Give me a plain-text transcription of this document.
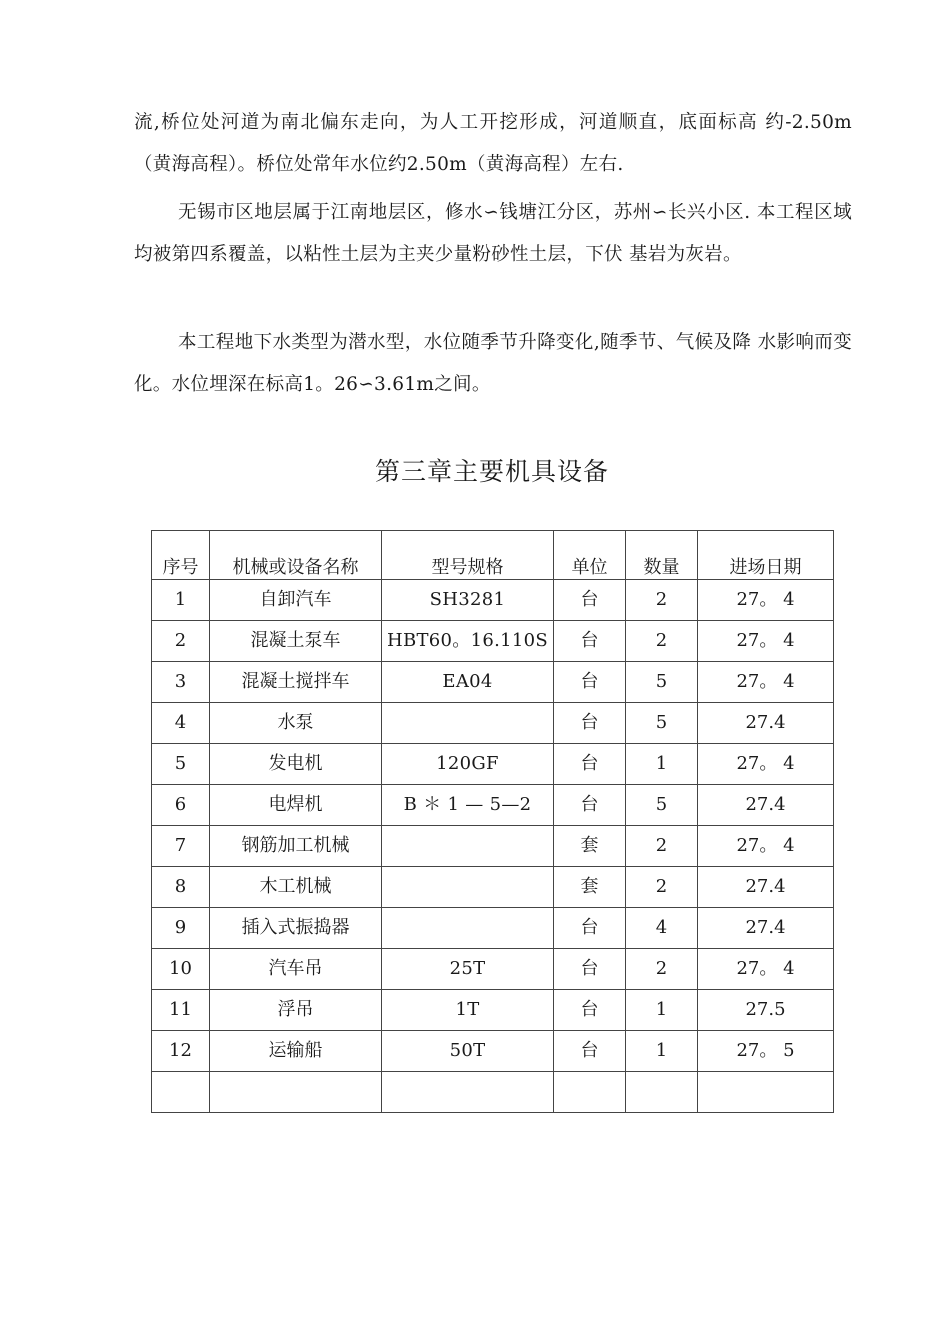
流,桥位处河道为南北偏东走向，为人工开挖形成，河道顺直，底面标高 约-2.50m（黄海高程）。桥位处常年水位约2.50m（黄海高程）左右.

无锡市区地层属于江南地层区，修水∽钱塘江分区，苏州∽长兴小区. 本工程区域均被第四系覆盖，以粘性土层为主夹少量粉砂性土层，下伏 基岩为灰岩。

本工程地下水类型为潜水型，水位随季节升降变化,随季节、气候及降 水影响而变化。水位埋深在标高1。26∽3.61m之间。

第三章主要机具设备
序号	机械或设备名称	型号规格	单位	数量	进场日期
1	自卸汽车	SH3281	台	2	27。 4
2	混凝土泵车	HBT60。16.110S	台	2	27。 4
3	混凝土搅拌车	EA04	台	5	27。 4
4	水泵		台	5	27.4
5	发电机	120GF	台	1	27。 4
6	电焊机	B ＊ 1 — 5—2	台	5	27.4
7	钢筋加工机械		套	2	27。 4
8	木工机械		套	2	27.4
9	插入式振捣器		台	4	27.4
10	汽车吊	25T	台	2	27。 4
11	浮吊	1T	台	1	27.5
12	运输船	50T	台	1	27。 5
